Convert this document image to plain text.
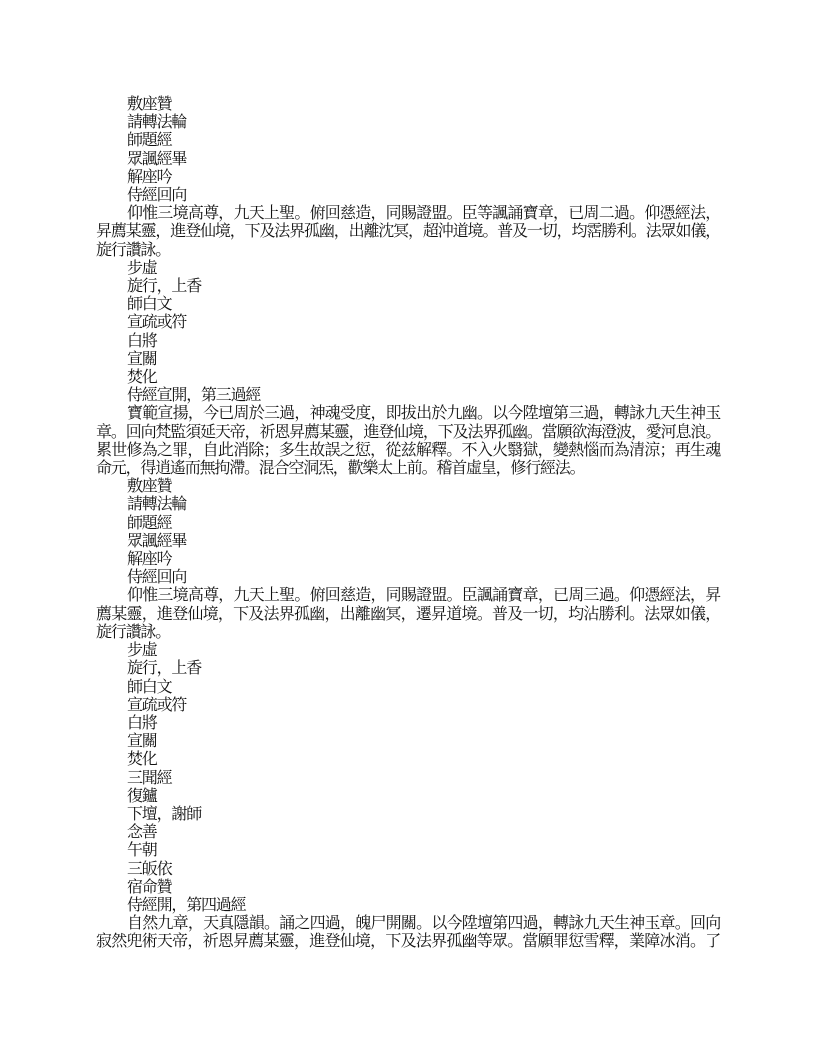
敷座贊
請轉法輪
師題經
眾諷經畢
解座吟
侍經回向
仰惟三境高尊，九天上聖。俯回慈造，同賜證盟。臣等諷誦寶章，已周二過。仰憑經法，
昇薦某靈，進登仙境，下及法界孤幽，出離沈冥，超沖道境。普及一切，均霑勝利。法眾如儀，
旋行讚詠。
步虛
旋行，上香
師白文
宣疏或符
白將
宣關
焚化
侍經宣開，第三過經
寶範宣揚，今已周於三過，神魂受度，即拔出於九幽。以今陞壇第三過，轉詠九天生神玉
章。回向梵監須延天帝，祈恩昇薦某靈，進登仙境，下及法界孤幽。當願欲海澄波，愛河息浪。
累世修為之罪，自此消除；多生故誤之愆，從兹解釋。不入火翳獄，變熱惱而為清涼；再生魂
命元，得逍遙而無拘滯。混合空洞炁，歡樂太上前。稽首虛皇，修行經法。
敷座贊
請轉法輪
師題經
眾諷經畢
解座吟
侍經回向
仰惟三境高尊，九天上聖。俯回慈造，同賜證盟。臣諷誦寶章，已周三過。仰憑經法，昇
薦某靈，進登仙境，下及法界孤幽，出離幽冥，遷昇道境。普及一切，均沾勝利。法眾如儀，
旋行讚詠。
步虛
旋行，上香
師白文
宣疏或符
白將
宣關
焚化
三聞經
復鑪
下壇，謝師
念善
午朝
三皈依
宿命贊
侍經開，第四過經
自然九章，天真隱韻。誦之四過，魄尸開關。以今陞壇第四過，轉詠九天生神玉章。回向
寂然兜術天帝，祈恩昇薦某靈，進登仙境，下及法界孤幽等眾。當願罪愆雪釋，業障冰消。了
